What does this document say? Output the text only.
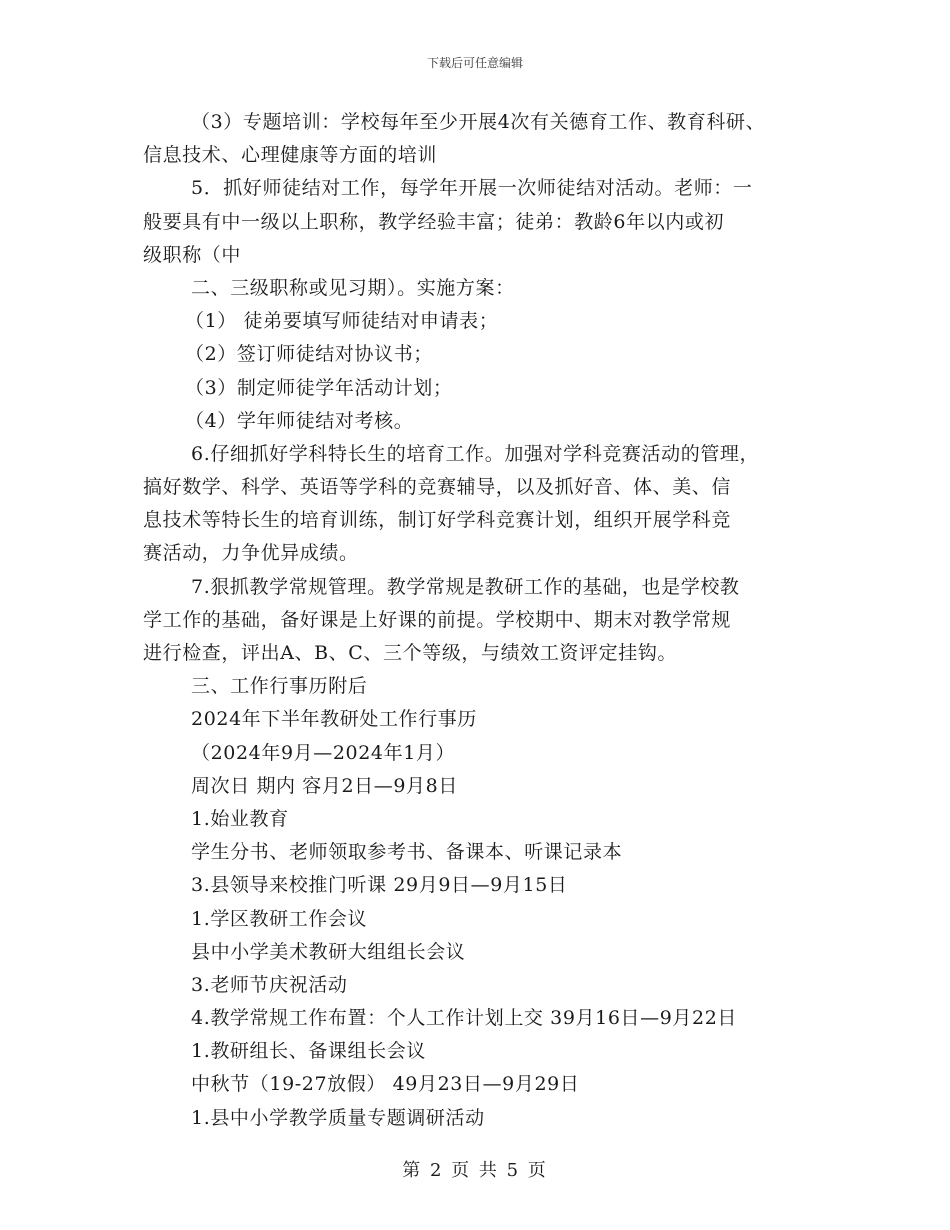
下载后可任意编辑
（3）专题培训：学校每年至少开展4次有关德育工作、教育科研、
信息技术、心理健康等方面的培训
5．抓好师徒结对工作，每学年开展一次师徒结对活动。老师：一
般要具有中一级以上职称，教学经验丰富；徒弟：教龄6年以内或初
级职称（中
二、三级职称或见习期）。实施方案：
（1） 徒弟要填写师徒结对申请表；
（2）签订师徒结对协议书；
（3）制定师徒学年活动计划；
（4）学年师徒结对考核。
6.仔细抓好学科特长生的培育工作。加强对学科竞赛活动的管理，
搞好数学、科学、英语等学科的竞赛辅导，以及抓好音、体、美、信
息技术等特长生的培育训练，制订好学科竞赛计划，组织开展学科竞
赛活动，力争优异成绩。
7.狠抓教学常规管理。教学常规是教研工作的基础，也是学校教
学工作的基础，备好课是上好课的前提。学校期中、期末对教学常规
进行检查，评出A、B、C、三个等级，与绩效工资评定挂钩。
三、工作行事历附后
2024年下半年教研处工作行事历
（2024年9月—2024年1月）
周次日 期内 容月2日—9月8日
1.始业教育
学生分书、老师领取参考书、备课本、听课记录本
3.县领导来校推门听课 29月9日—9月15日
1.学区教研工作会议
县中小学美术教研大组组长会议
3.老师节庆祝活动
4.教学常规工作布置：个人工作计划上交 39月16日—9月22日
1.教研组长、备课组长会议
中秋节（19-27放假） 49月23日—9月29日
1.县中小学教学质量专题调研活动
第 2 页 共 5 页
